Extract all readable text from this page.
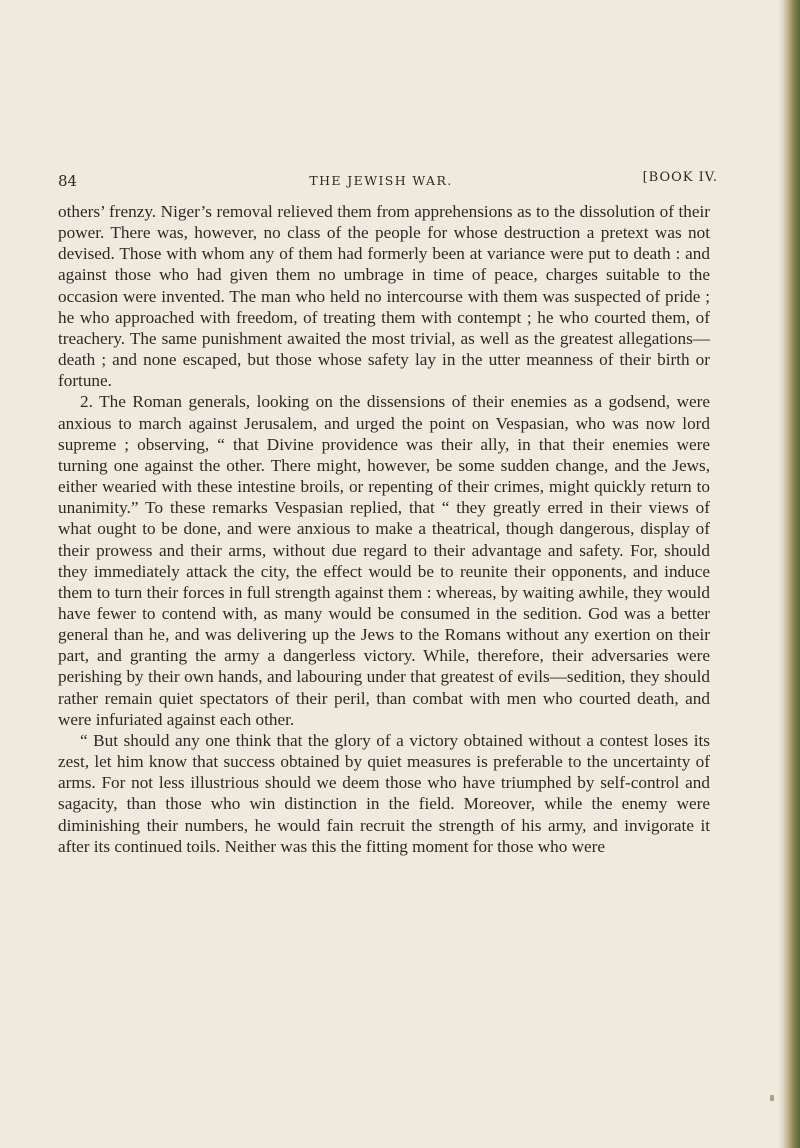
84	THE JEWISH WAR.	[BOOK IV.

others’ frenzy. Niger’s removal relieved them from apprehensions as to the dissolution of their power. There was, however, no class of the people for whose destruction a pretext was not devised. Those with whom any of them had formerly been at variance were put to death : and against those who had given them no umbrage in time of peace, charges suitable to the occasion were invented. The man who held no intercourse with them was suspected of pride ; he who approached with freedom, of treating them with contempt ; he who courted them, of treachery. The same punishment awaited the most trivial, as well as the greatest allegations—death ; and none escaped, but those whose safety lay in the utter meanness of their birth or fortune.

2. The Roman generals, looking on the dissensions of their enemies as a godsend, were anxious to march against Jerusalem, and urged the point on Vespasian, who was now lord supreme ; observing, “ that Divine providence was their ally, in that their enemies were turning one against the other. There might, however, be some sudden change, and the Jews, either wearied with these intestine broils, or repenting of their crimes, might quickly return to unanimity.” To these remarks Vespasian replied, that “ they greatly erred in their views of what ought to be done, and were anxious to make a theatrical, though dangerous, display of their prowess and their arms, without due regard to their advantage and safety. For, should they immediately attack the city, the effect would be to reunite their opponents, and induce them to turn their forces in full strength against them : whereas, by waiting awhile, they would have fewer to contend with, as many would be consumed in the sedition. God was a better general than he, and was delivering up the Jews to the Romans without any exertion on their part, and granting the army a dangerless victory. While, therefore, their adversaries were perishing by their own hands, and labouring under that greatest of evils—sedition, they should rather remain quiet spectators of their peril, than combat with men who courted death, and were infuriated against each other.

“ But should any one think that the glory of a victory obtained without a contest loses its zest, let him know that success obtained by quiet measures is preferable to the uncertainty of arms. For not less illustrious should we deem those who have triumphed by self-control and sagacity, than those who win distinction in the field. Moreover, while the enemy were diminishing their numbers, he would fain recruit the strength of his army, and invigorate it after its continued toils. Neither was this the fitting moment for those who were
